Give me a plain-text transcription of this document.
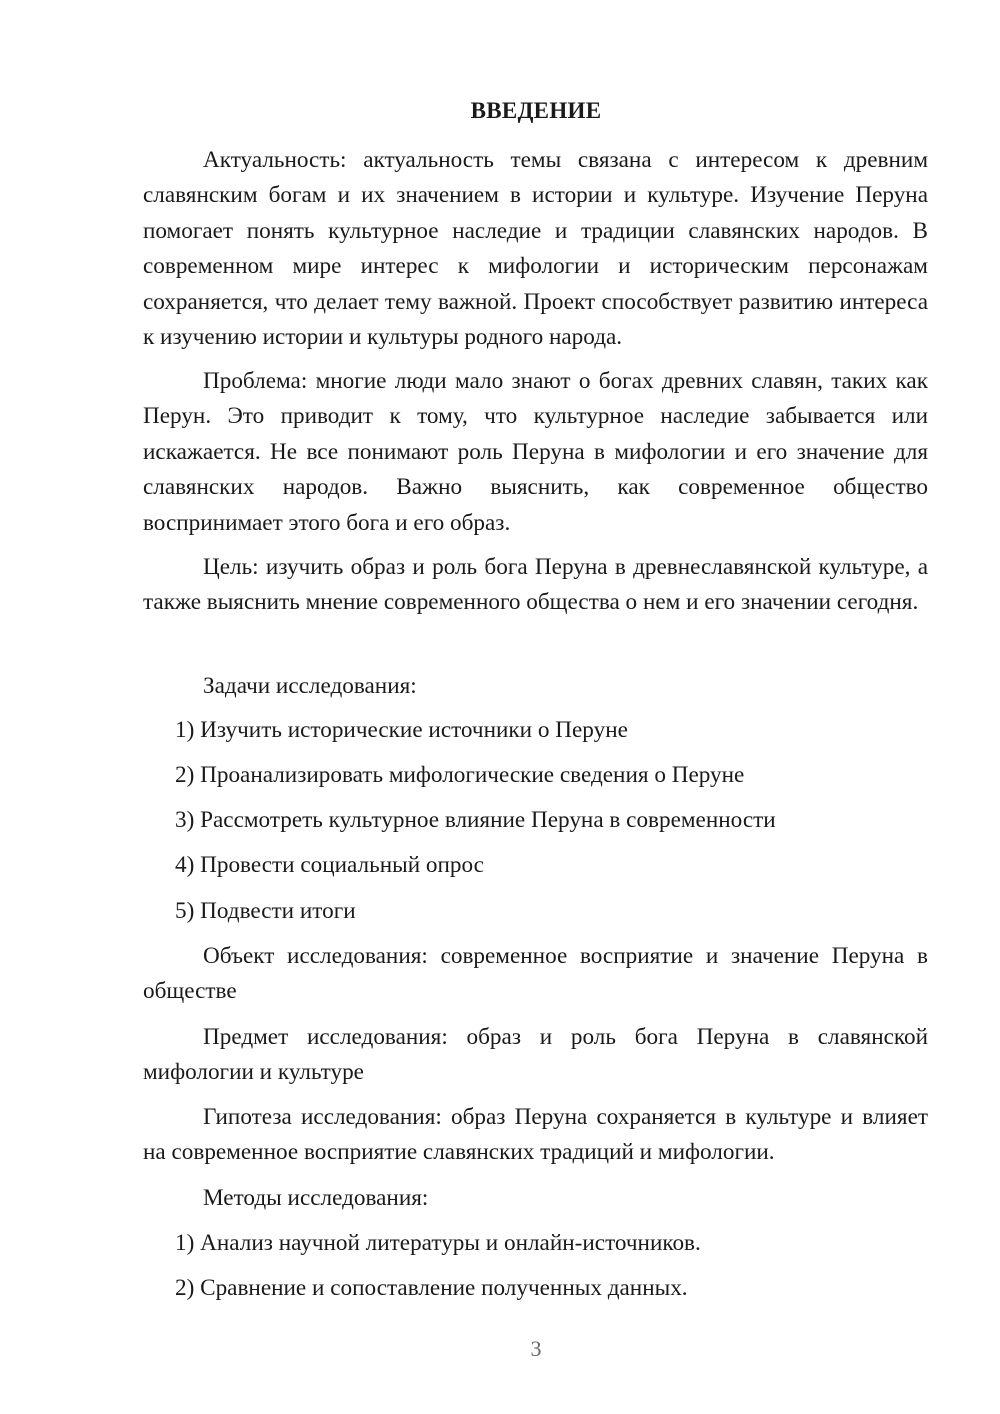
ВВЕДЕНИЕ

Актуальность: актуальность темы связана с интересом к древним славянским богам и их значением в истории и культуре. Изучение Перуна помогает понять культурное наследие и традиции славянских народов. В современном мире интерес к мифологии и историческим персонажам сохраняется, что делает тему важной. Проект способствует развитию интереса к изучению истории и культуры родного народа.

Проблема: многие люди мало знают о богах древних славян, таких как Перун. Это приводит к тому, что культурное наследие забывается или искажается. Не все понимают роль Перуна в мифологии и его значение для славянских народов. Важно выяснить, как современное общество воспринимает этого бога и его образ.

Цель: изучить образ и роль бога Перуна в древнеславянской культуре, а также выяснить мнение современного общества о нем и его значении сегодня.

Задачи исследования:

1) Изучить исторические источники о Перуне

2) Проанализировать мифологические сведения о Перуне

3) Рассмотреть культурное влияние Перуна в современности

4) Провести социальный опрос

5) Подвести итоги

Объект исследования: современное восприятие и значение Перуна в обществе

Предмет исследования: образ и роль бога Перуна в славянской мифологии и культуре

Гипотеза исследования: образ Перуна сохраняется в культуре и влияет на современное восприятие славянских традиций и мифологии.

Методы исследования:

1) Анализ научной литературы и онлайн-источников.

2) Сравнение и сопоставление полученных данных.

3
